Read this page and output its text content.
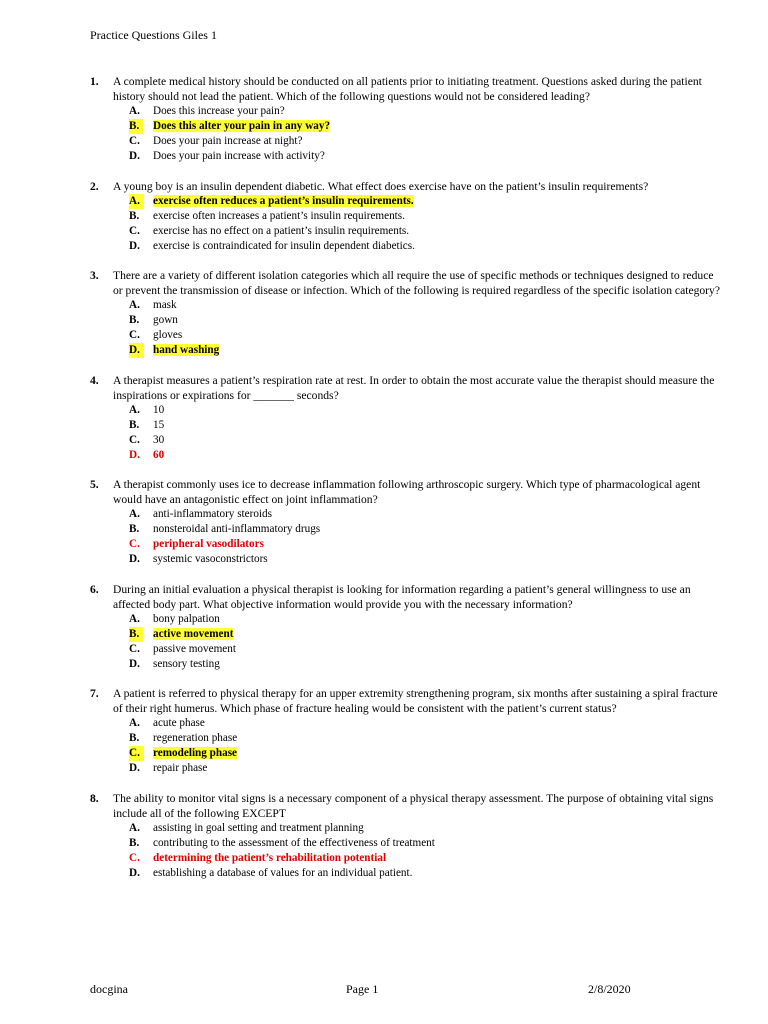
Practice Questions Giles 1
1. A complete medical history should be conducted on all patients prior to initiating treatment. Questions asked during the patient history should not lead the patient. Which of the following questions would not be considered leading?
A. Does this increase your pain?
B.	Does this alter your pain in any way?
C. Does your pain increase at night?
D. Does your pain increase with activity?
2. A young boy is an insulin dependent diabetic. What effect does exercise have on the patient’s insulin requirements?
A.	exercise often reduces a patient’s insulin requirements.
B. exercise often increases a patient’s insulin requirements.
C. exercise has no effect on a patient’s insulin requirements.
D. exercise is contraindicated for insulin dependent diabetics.
3. There are a variety of different isolation categories which all require the use of specific methods or techniques designed to reduce or prevent the transmission of disease or infection. Which of the following is required regardless of the specific isolation category?
A. mask
B. gown
C. gloves
D.	hand washing
4. A therapist measures a patient’s respiration rate at rest. In order to obtain the most accurate value the therapist should measure the inspirations or expirations for _______ seconds?
A. 10
B. 15
C. 30
D. 60
5. A therapist commonly uses ice to decrease inflammation following arthroscopic surgery. Which type of pharmacological agent would have an antagonistic effect on joint inflammation?
A. anti-inflammatory steroids
B. nonsteroidal anti-inflammatory drugs
C. peripheral vasodilators
D. systemic vasoconstrictors
6. During an initial evaluation a physical therapist is looking for information regarding a patient’s general willingness to use an affected body part. What objective information would provide you with the necessary information?
A. bony palpation
B.	active movement
C. passive movement
D. sensory testing
7. A patient is referred to physical therapy for an upper extremity strengthening program, six months after sustaining a spiral fracture of their right humerus. Which phase of fracture healing would be consistent with the patient’s current status?
A. acute phase
B. regeneration phase
C.	remodeling phase
D. repair phase
8. The ability to monitor vital signs is a necessary component of a physical therapy assessment. The purpose of obtaining vital signs include all of the following EXCEPT
A. assisting in goal setting and treatment planning
B. contributing to the assessment of the effectiveness of treatment
C. determining the patient’s rehabilitation potential
D. establishing a database of values for an individual patient.
docgina	Page 1	2/8/2020
